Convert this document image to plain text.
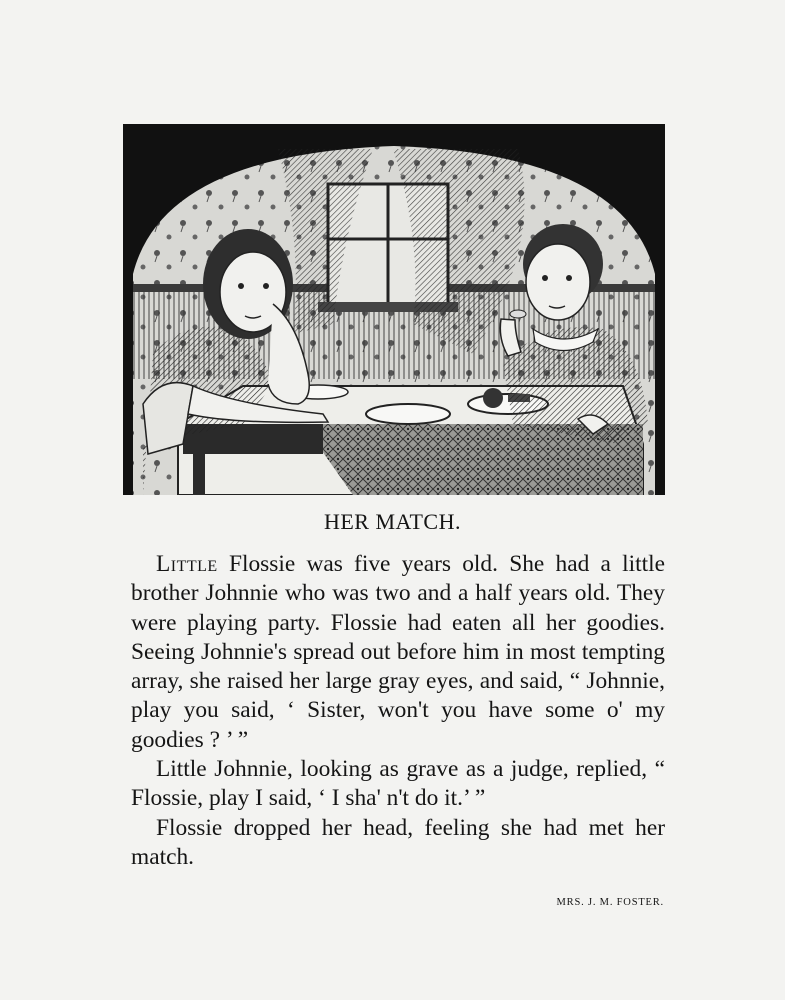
HER MATCH.

Little Flossie was five years old. She had a little brother Johnnie who was two and a half years old. They were playing party. Flossie had eaten all her goodies. Seeing Johnnie's spread out before him in most tempting array, she raised her large gray eyes, and said, “ Johnnie, play you said, ‘ Sister, won't you have some o' my goodies ? ’ ”

Little Johnnie, looking as grave as a judge, replied, “ Flossie, play I said, ‘ I sha' n't do it.’ ”

Flossie dropped her head, feeling she had met her match.

MRS. J. M. FOSTER.
